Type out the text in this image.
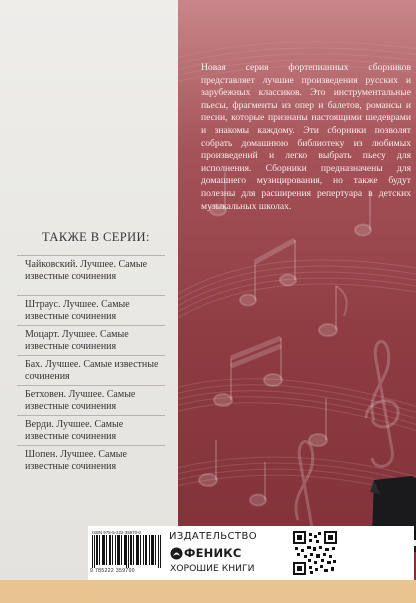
Новая серия фортепианных сборников представляет лучшие произведения русских и зарубежных классиков. Это инструментальные пьесы, фрагменты из опер и балетов, романсы и песни, которые признаны настоящими шедеврами и знакомы каждому. Эти сборники позволят собрать домашнюю библиотеку из любимых произведений и легко выбрать пьесу для исполнения. Сборники предназначены для домашнего музицирования, но также будут полезны для расширения репертуара в детских музыкальных школах.
ТАКЖЕ В СЕРИИ:
Чайковский. Лучшее. Самые известные сочинения
Штраус. Лучшее. Самые известные сочинения
Моцарт. Лучшее. Самые известные сочинения
Бах. Лучшее. Самые известные сочинения
Бетховен. Лучшее. Самые известные сочинения
Верди. Лучшее. Самые известные сочинения
Шопен. Лучшее. Самые известные сочинения
ISBN 978-5-222-35970-0
9 785222 359700
ИЗДАТЕЛЬСТВО
ФЕНИКС
ХОРОШИЕ КНИГИ
